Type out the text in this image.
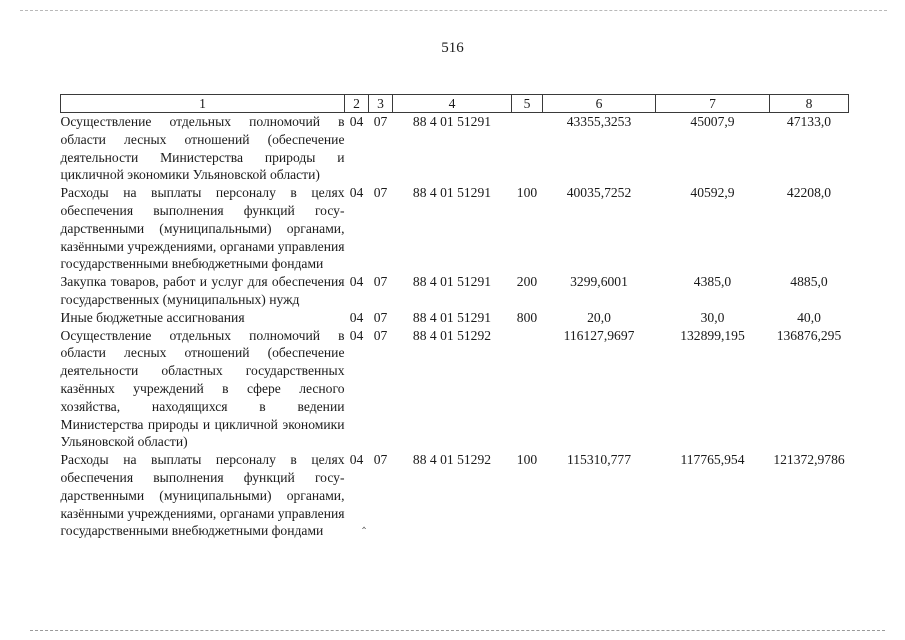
516
1	2	3	4	5	6	7	8
Осуществление отдельных полномочий в области лесных отношений (обеспечение деятельности Министерства природы и цикличной экономики Ульяновской области)	04	07	88 4 01 51291		43355,3253	45007,9	47133,0
Расходы на выплаты персоналу в целях обеспечения выполнения функций государственными (муниципальными) органами, казёнными учреждениями, органами управления государственными внебюджетными фондами	04	07	88 4 01 51291	100	40035,7252	40592,9	42208,0
Закупка товаров, работ и услуг для обеспечения государственных (муниципальных) нужд	04	07	88 4 01 51291	200	3299,6001	4385,0	4885,0
Иные бюджетные ассигнования	04	07	88 4 01 51291	800	20,0	30,0	40,0
Осуществление отдельных полномочий в области лесных отношений (обеспечение деятельности областных государственных казённых учреждений в сфере лесного хозяйства, находящихся в ведении Министерства природы и цикличной экономики Ульяновской области)	04	07	88 4 01 51292		116127,9697	132899,195	136876,295
Расходы на выплаты персоналу в целях обеспечения выполнения функций государственными (муниципальными) органами, казёнными учреждениями, органами управления государственными внебюджетными фондами	04	07	88 4 01 51292	100	115310,777	117765,954	121372,9786
‸
